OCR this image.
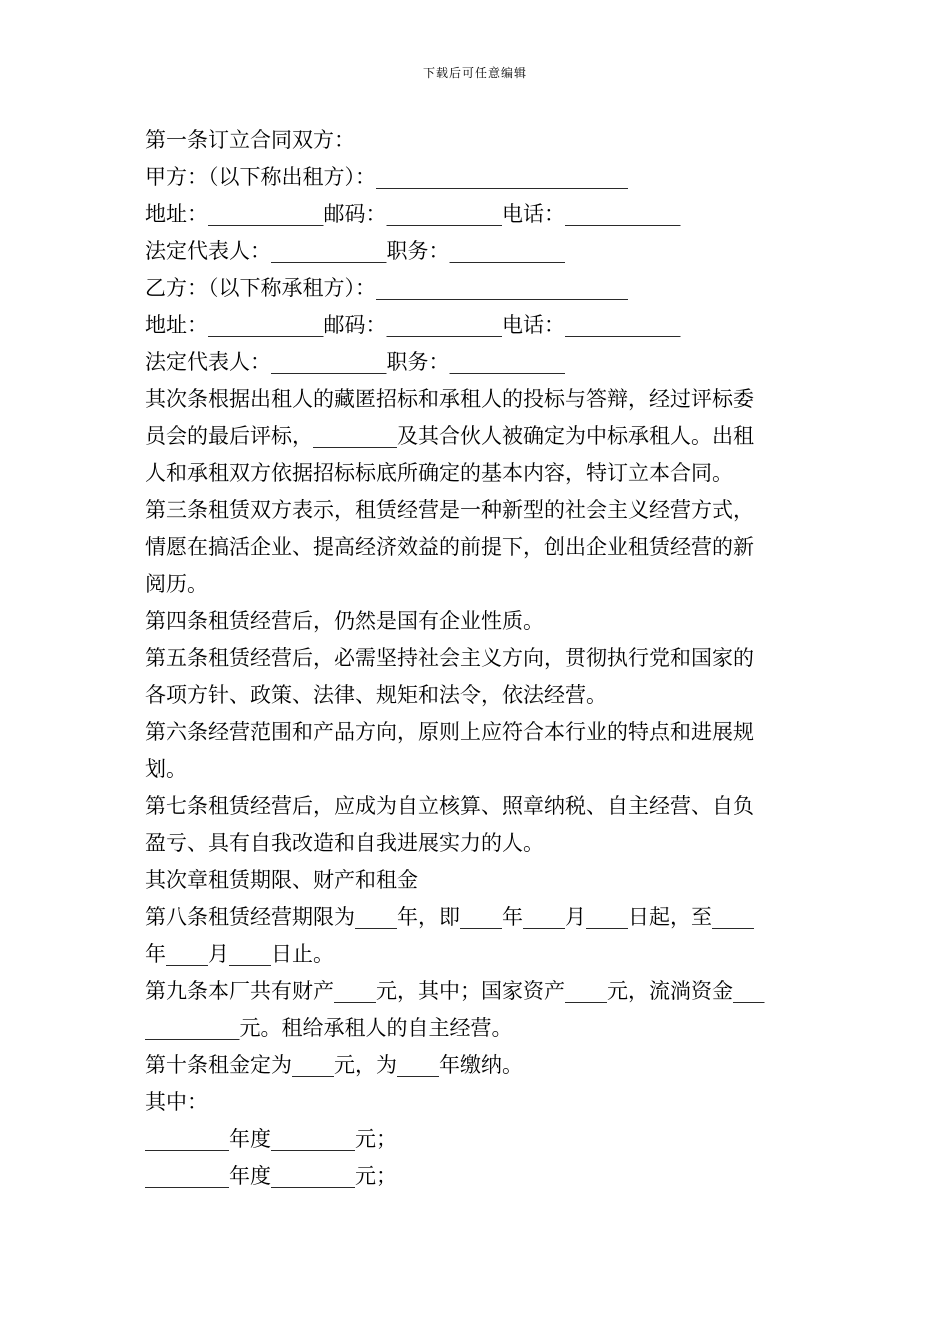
下载后可任意编辑
第一条订立合同双方：
甲方：（以下称出租方）：________________________
地址：___________邮码：___________电话：___________
法定代表人：___________职务：___________
乙方：（以下称承租方）：________________________
地址：___________邮码：___________电话：___________
法定代表人：___________职务：___________
其次条根据出租人的藏匿招标和承租人的投标与答辩，经过评标委
员会的最后评标，________及其合伙人被确定为中标承租人。出租
人和承租双方依据招标标底所确定的基本内容，特订立本合同。
第三条租赁双方表示，租赁经营是一种新型的社会主义经营方式，
情愿在搞活企业、提高经济效益的前提下，创出企业租赁经营的新
阅历。
第四条租赁经营后，仍然是国有企业性质。
第五条租赁经营后，必需坚持社会主义方向，贯彻执行党和国家的
各项方针、政策、法律、规矩和法令，依法经营。
第六条经营范围和产品方向，原则上应符合本行业的特点和进展规
划。
第七条租赁经营后，应成为自立核算、照章纳税、自主经营、自负
盈亏、具有自我改造和自我进展实力的人。
其次章租赁期限、财产和租金
第八条租赁经营期限为____年，即____年____月____日起，至____
年____月____日止。
第九条本厂共有财产____元，其中；国家资产____元，流淌资金___
_________元。租给承租人的自主经营。
第十条租金定为____元，为____年缴纳。
其中：
________年度________元；
________年度________元；
